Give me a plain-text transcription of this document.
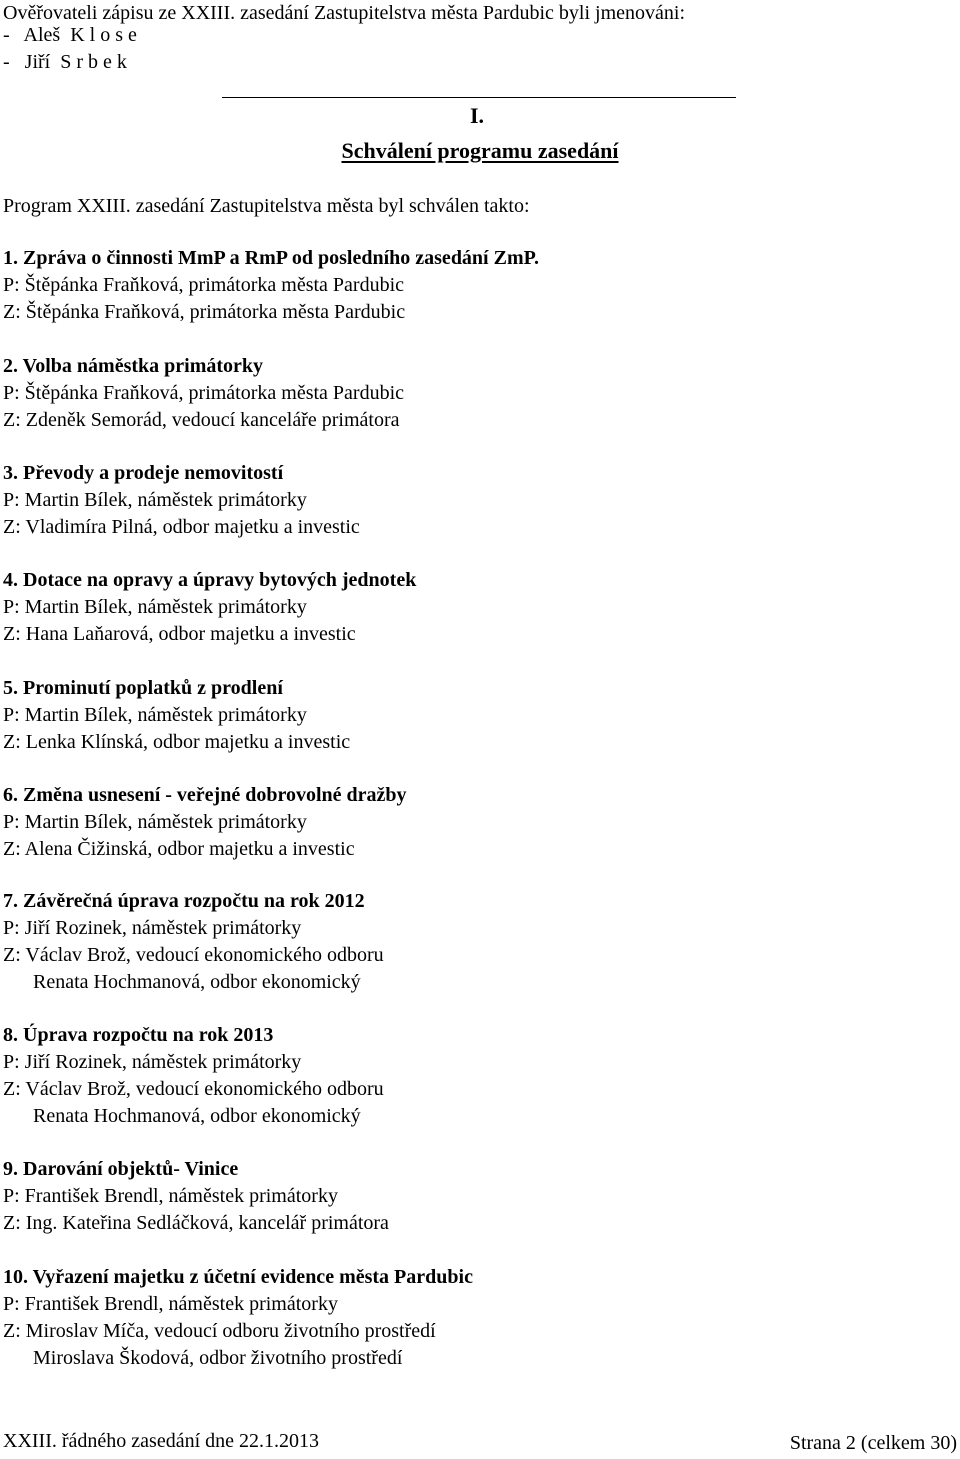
Ověřovateli zápisu ze XXIII. zasedání Zastupitelstva města Pardubic byli jmenováni:
-   Aleš  K l o s e
-   Jiří  S r b e k
I.
Schválení programu zasedání
Program XXIII. zasedání Zastupitelstva města byl schválen takto:
1. Zpráva o činnosti MmP a RmP od posledního zasedání ZmP.
P: Štěpánka Fraňková, primátorka města Pardubic
Z: Štěpánka Fraňková, primátorka města Pardubic
2. Volba náměstka primátorky
P: Štěpánka Fraňková, primátorka města Pardubic
Z: Zdeněk Semorád, vedoucí kanceláře primátora
3. Převody a prodeje nemovitostí
P: Martin Bílek, náměstek primátorky
Z: Vladimíra Pilná, odbor majetku a investic
4. Dotace na opravy a úpravy bytových jednotek
P: Martin Bílek, náměstek primátorky
Z: Hana Laňarová, odbor majetku a investic
5. Prominutí poplatků z prodlení
P: Martin Bílek, náměstek primátorky
Z: Lenka Klínská, odbor majetku a investic
6. Změna usnesení - veřejné dobrovolné dražby
P: Martin Bílek, náměstek primátorky
Z: Alena Čižinská, odbor majetku a investic
7. Závěrečná úprava rozpočtu na rok 2012
P: Jiří Rozinek, náměstek primátorky
Z: Václav Brož, vedoucí ekonomického odboru
Renata Hochmanová, odbor ekonomický
8. Úprava rozpočtu na rok 2013
P: Jiří Rozinek, náměstek primátorky
Z: Václav Brož, vedoucí ekonomického odboru
Renata Hochmanová, odbor ekonomický
9. Darování objektů- Vinice
P: František Brendl, náměstek primátorky
Z: Ing. Kateřina Sedláčková, kancelář primátora
10. Vyřazení majetku z účetní evidence města Pardubic
P: František Brendl, náměstek primátorky
Z: Miroslav Míča, vedoucí odboru životního prostředí
Miroslava Škodová, odbor životního prostředí
XXIII. řádného zasedání dne 22.1.2013	Strana 2 (celkem 30)
